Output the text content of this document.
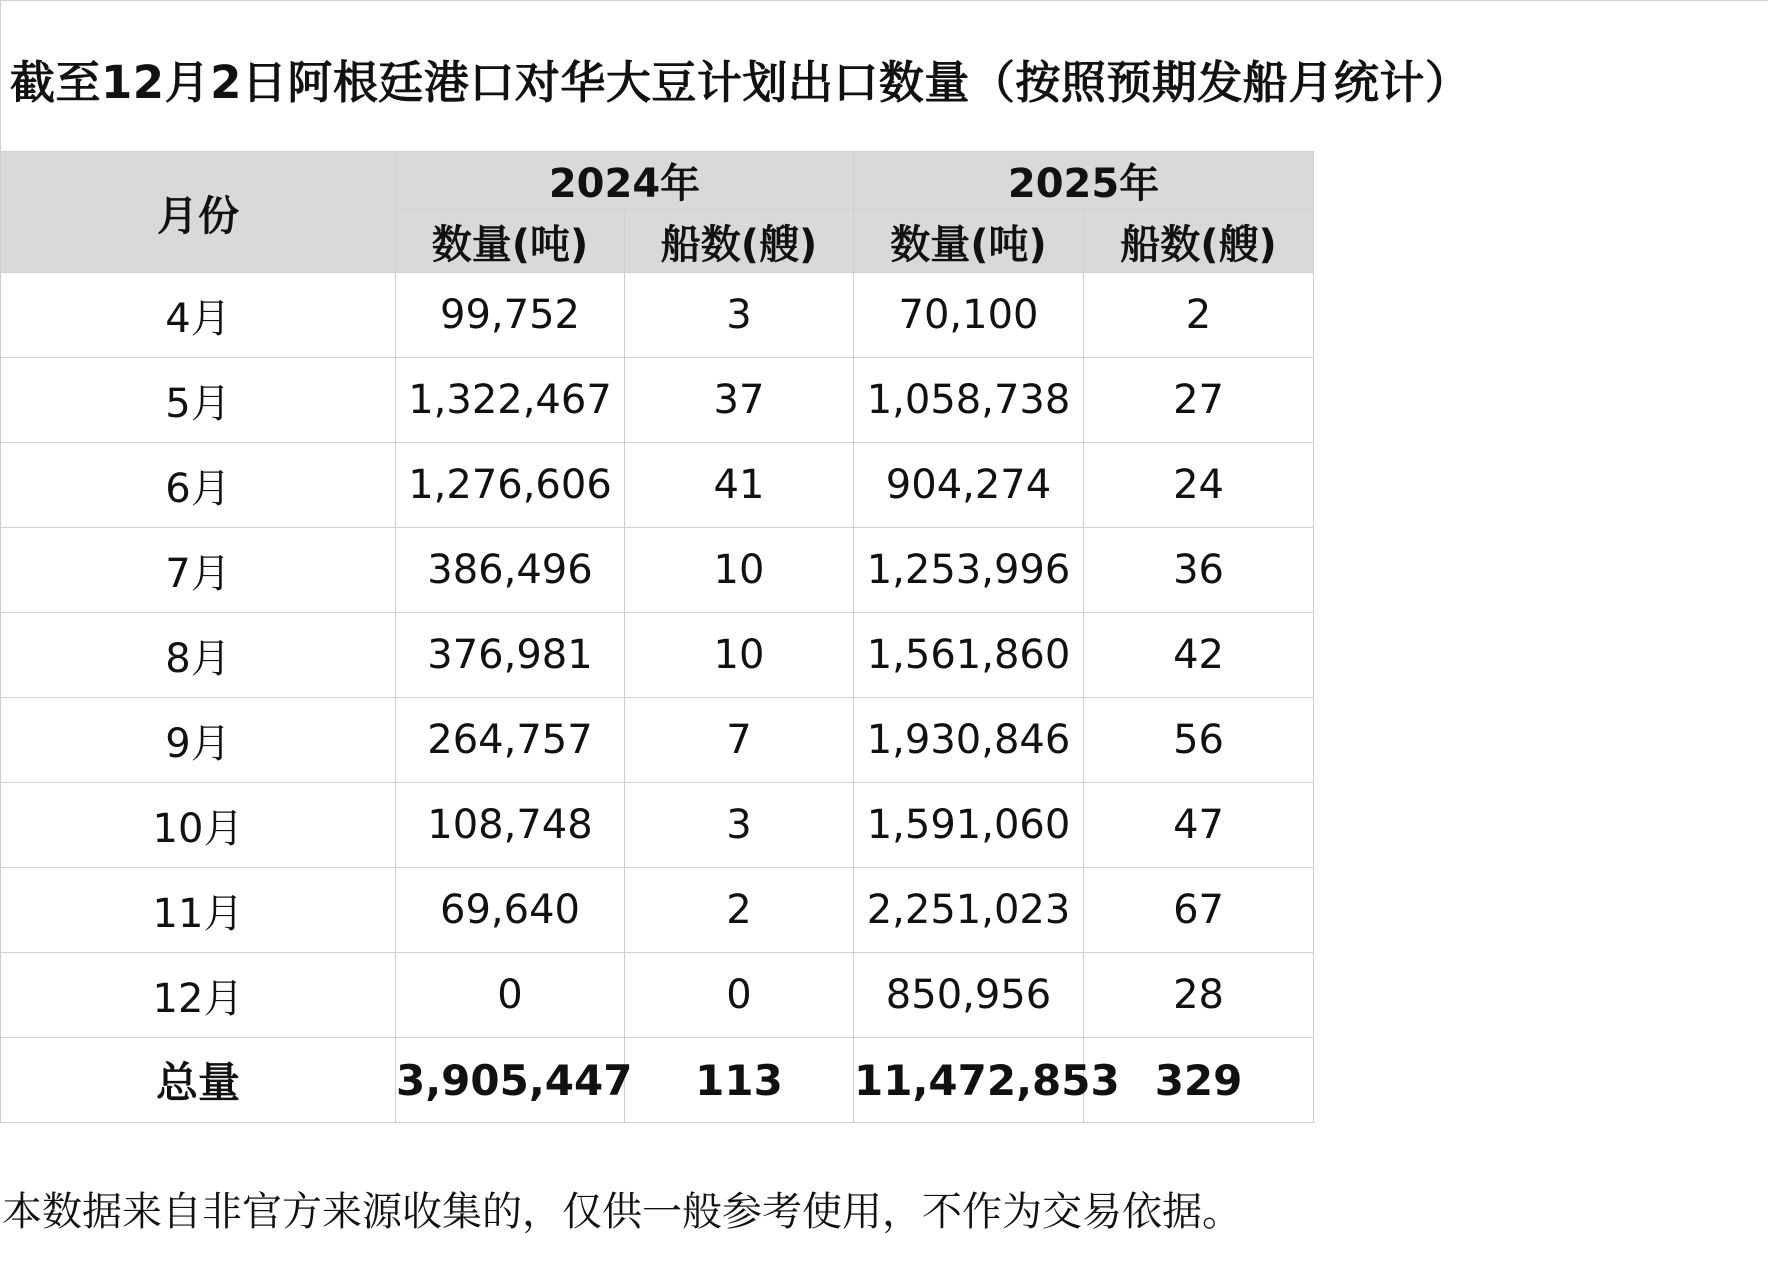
截至12月2日阿根廷港口对华大豆计划出口数量（按照预期发船月统计）
月份	2024年		2025年	
	数量(吨)	船数(艘)	数量(吨)	船数(艘)
4月	99,752	3	70,100	2
5月	1,322,467	37	1,058,738	27
6月	1,276,606	41	904,274	24
7月	386,496	10	1,253,996	36
8月	376,981	10	1,561,860	42
9月	264,757	7	1,930,846	56
10月	108,748	3	1,591,060	47
11月	69,640	2	2,251,023	67
12月	0	0	850,956	28
总量	3,905,447	113	11,472,853	329
本数据来自非官方来源收集的，仅供一般参考使用，不作为交易依据。
